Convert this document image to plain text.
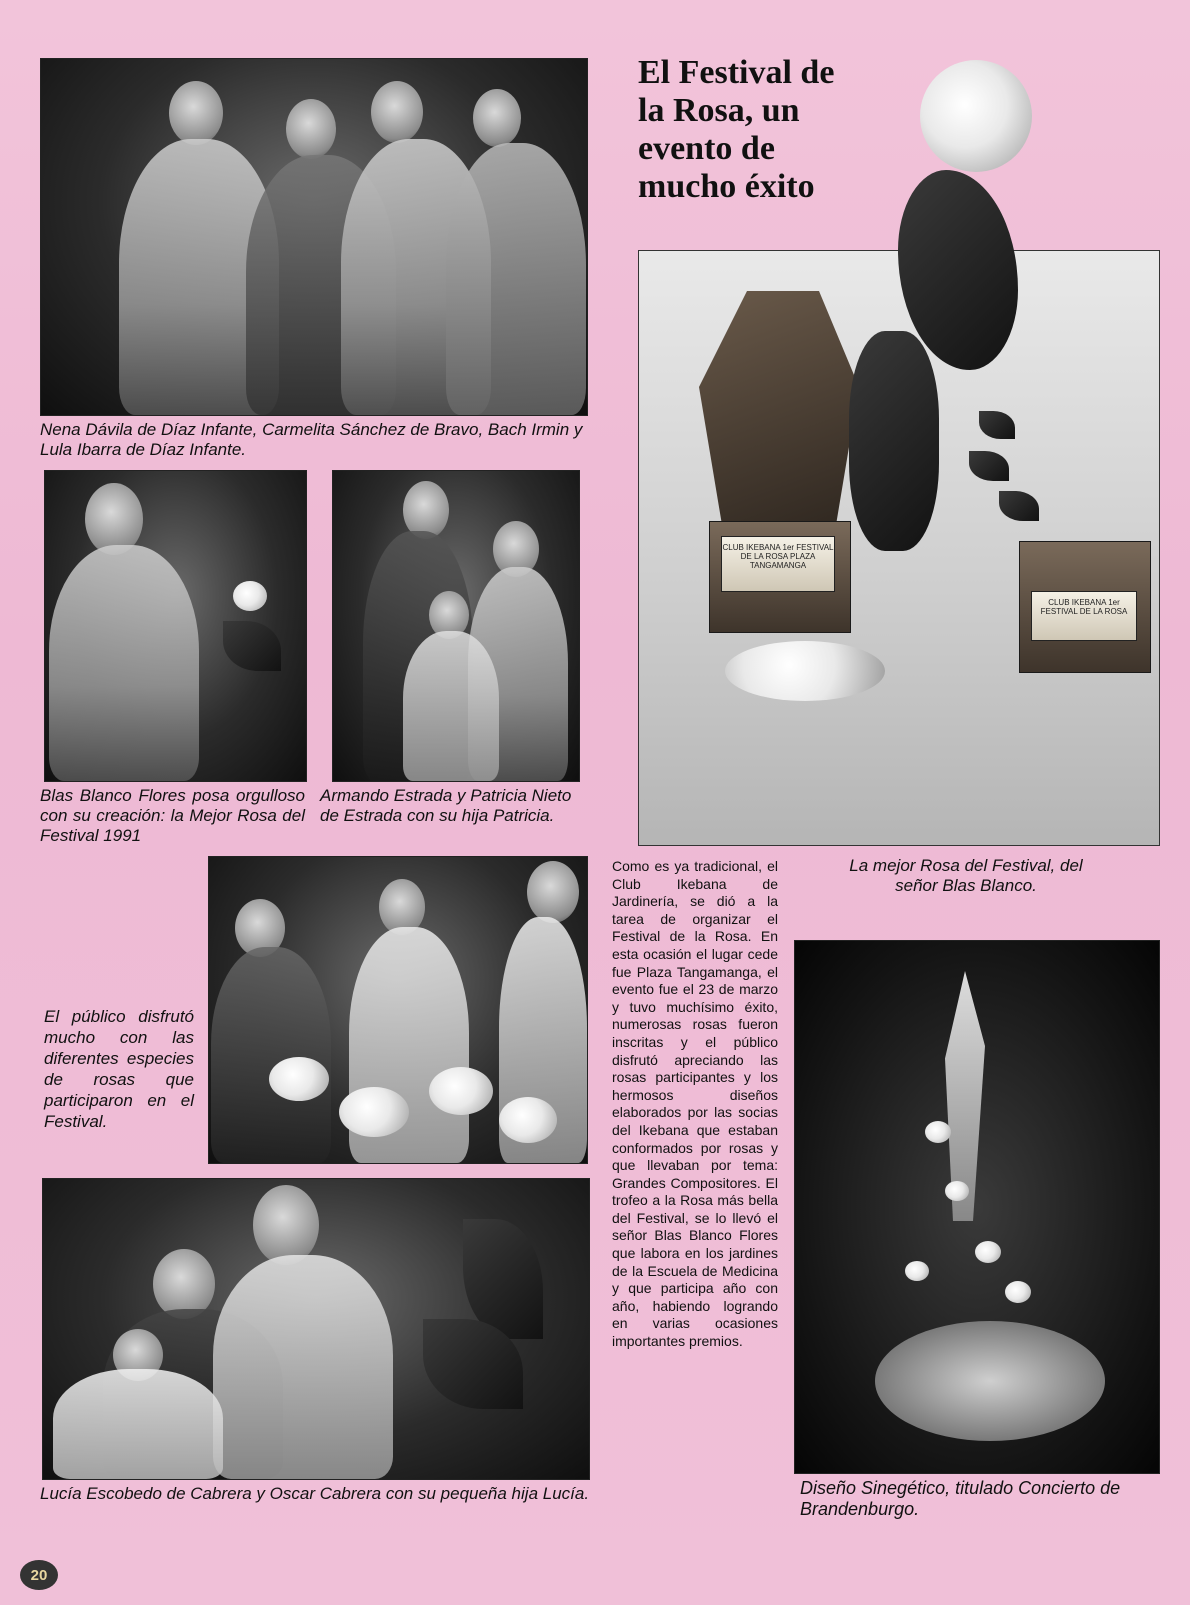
Nena Dávila de Díaz Infante, Carmelita Sánchez de Bravo, Bach Irmin y Lula Ibarra de Díaz Infante.
Blas Blanco Flores posa orgulloso con su creación: la Mejor Rosa del Festival 1991
Armando Estrada y Patricia Nieto de Estrada con su hija Patricia.
El público disfrutó mucho con las diferentes especies de rosas que participaron en el Festival.
Lucía Escobedo de Cabrera y Oscar Cabrera con su pequeña hija Lucía.
El Festival de la Rosa, un evento de mucho éxito
CLUB IKEBANA 1er FESTIVAL DE LA ROSA PLAZA TANGAMANGA
CLUB IKEBANA 1er FESTIVAL DE LA ROSA
La mejor Rosa del Festival, del señor Blas Blanco.
Como es ya tradicional, el Club Ikebana de Jardinería, se dió a la tarea de organizar el Festival de la Rosa. En esta ocasión el lugar cede fue Plaza Tangamanga, el evento fue el 23 de marzo y tuvo muchísimo éxito, numerosas rosas fueron inscritas y el público disfrutó apreciando las rosas participantes y los hermosos diseños elaborados por las socias del Ikebana que estaban conformados por rosas y que llevaban por tema: Grandes Compositores. El trofeo a la Rosa más bella del Festival, se lo llevó el señor Blas Blanco Flores que labora en los jardines de la Escuela de Medicina y que participa año con año, habiendo logrando en varias ocasiones importantes premios.
Diseño Sinegético, titulado Concierto de Brandenburgo.
20
